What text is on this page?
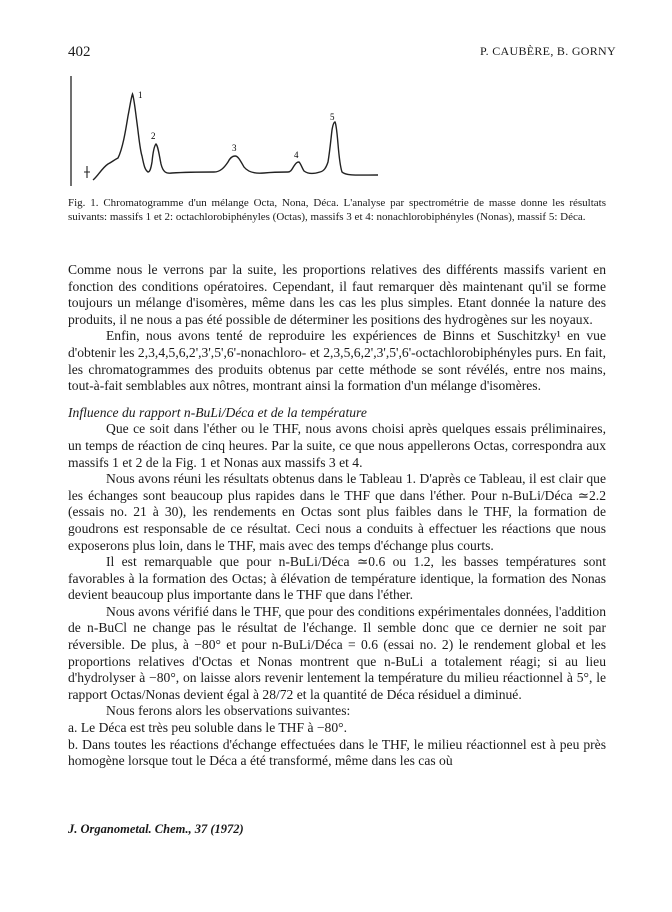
402	P. CAUBÈRE, B. GORNY
1
2
3
4
5
Fig. 1. Chromatogramme d'un mélange Octa, Nona, Déca. L'analyse par spectrométrie de masse donne les résultats suivants: massifs 1 et 2: octachlorobiphényles (Octas), massifs 3 et 4: nonachlorobiphényles (Nonas), massif 5: Déca.

Comme nous le verrons par la suite, les proportions relatives des différents massifs varient en fonction des conditions opératoires. Cependant, il faut remarquer dès maintenant qu'il se forme toujours un mélange d'isomères, même dans les cas les plus simples. Etant donnée la nature des produits, il ne nous a pas été possible de déterminer les positions des hydrogènes sur les noyaux.

Enfin, nous avons tenté de reproduire les expériences de Binns et Suschitzky¹ en vue d'obtenir les 2,3,4,5,6,2',3',5',6'-nonachloro- et 2,3,5,6,2',3',5',6'-octachlorobiphényles purs. En fait, les chromatogrammes des produits obtenus par cette méthode se sont révélés, entre nos mains, tout-à-fait semblables aux nôtres, montrant ainsi la formation d'un mélange d'isomères.

Influence du rapport n-BuLi/Déca et de la température

Que ce soit dans l'éther ou le THF, nous avons choisi après quelques essais préliminaires, un temps de réaction de cinq heures. Par la suite, ce que nous appellerons Octas, correspondra aux massifs 1 et 2 de la Fig. 1 et Nonas aux massifs 3 et 4.

Nous avons réuni les résultats obtenus dans le Tableau 1. D'après ce Tableau, il est clair que les échanges sont beaucoup plus rapides dans le THF que dans l'éther. Pour n-BuLi/Déca ≃2.2 (essais no. 21 à 30), les rendements en Octas sont plus faibles dans le THF, la formation de goudrons est responsable de ce résultat. Ceci nous a conduits à effectuer les réactions que nous exposerons plus loin, dans le THF, mais avec des temps d'échange plus courts.

Il est remarquable que pour n-BuLi/Déca ≃0.6 ou 1.2, les basses températures sont favorables à la formation des Octas; à élévation de température identique, la formation des Nonas devient beaucoup plus importante dans le THF que dans l'éther.

Nous avons vérifié dans le THF, que pour des conditions expérimentales données, l'addition de n-BuCl ne change pas le résultat de l'échange. Il semble donc que ce dernier ne soit par réversible. De plus, à −80° et pour n-BuLi/Déca = 0.6 (essai no. 2) le rendement global et les proportions relatives d'Octas et Nonas montrent que n-BuLi a totalement réagi; si au lieu d'hydrolyser à −80°, on laisse alors revenir lentement la température du milieu réactionnel à 5°, le rapport Octas/Nonas devient égal à 28/72 et la quantité de Déca résiduel a diminué.

Nous ferons alors les observations suivantes:

a. Le Déca est très peu soluble dans le THF à −80°.

b. Dans toutes les réactions d'échange effectuées dans le THF, le milieu réactionnel est à peu près homogène lorsque tout le Déca a été transformé, même dans les cas où

J. Organometal. Chem., 37 (1972)
